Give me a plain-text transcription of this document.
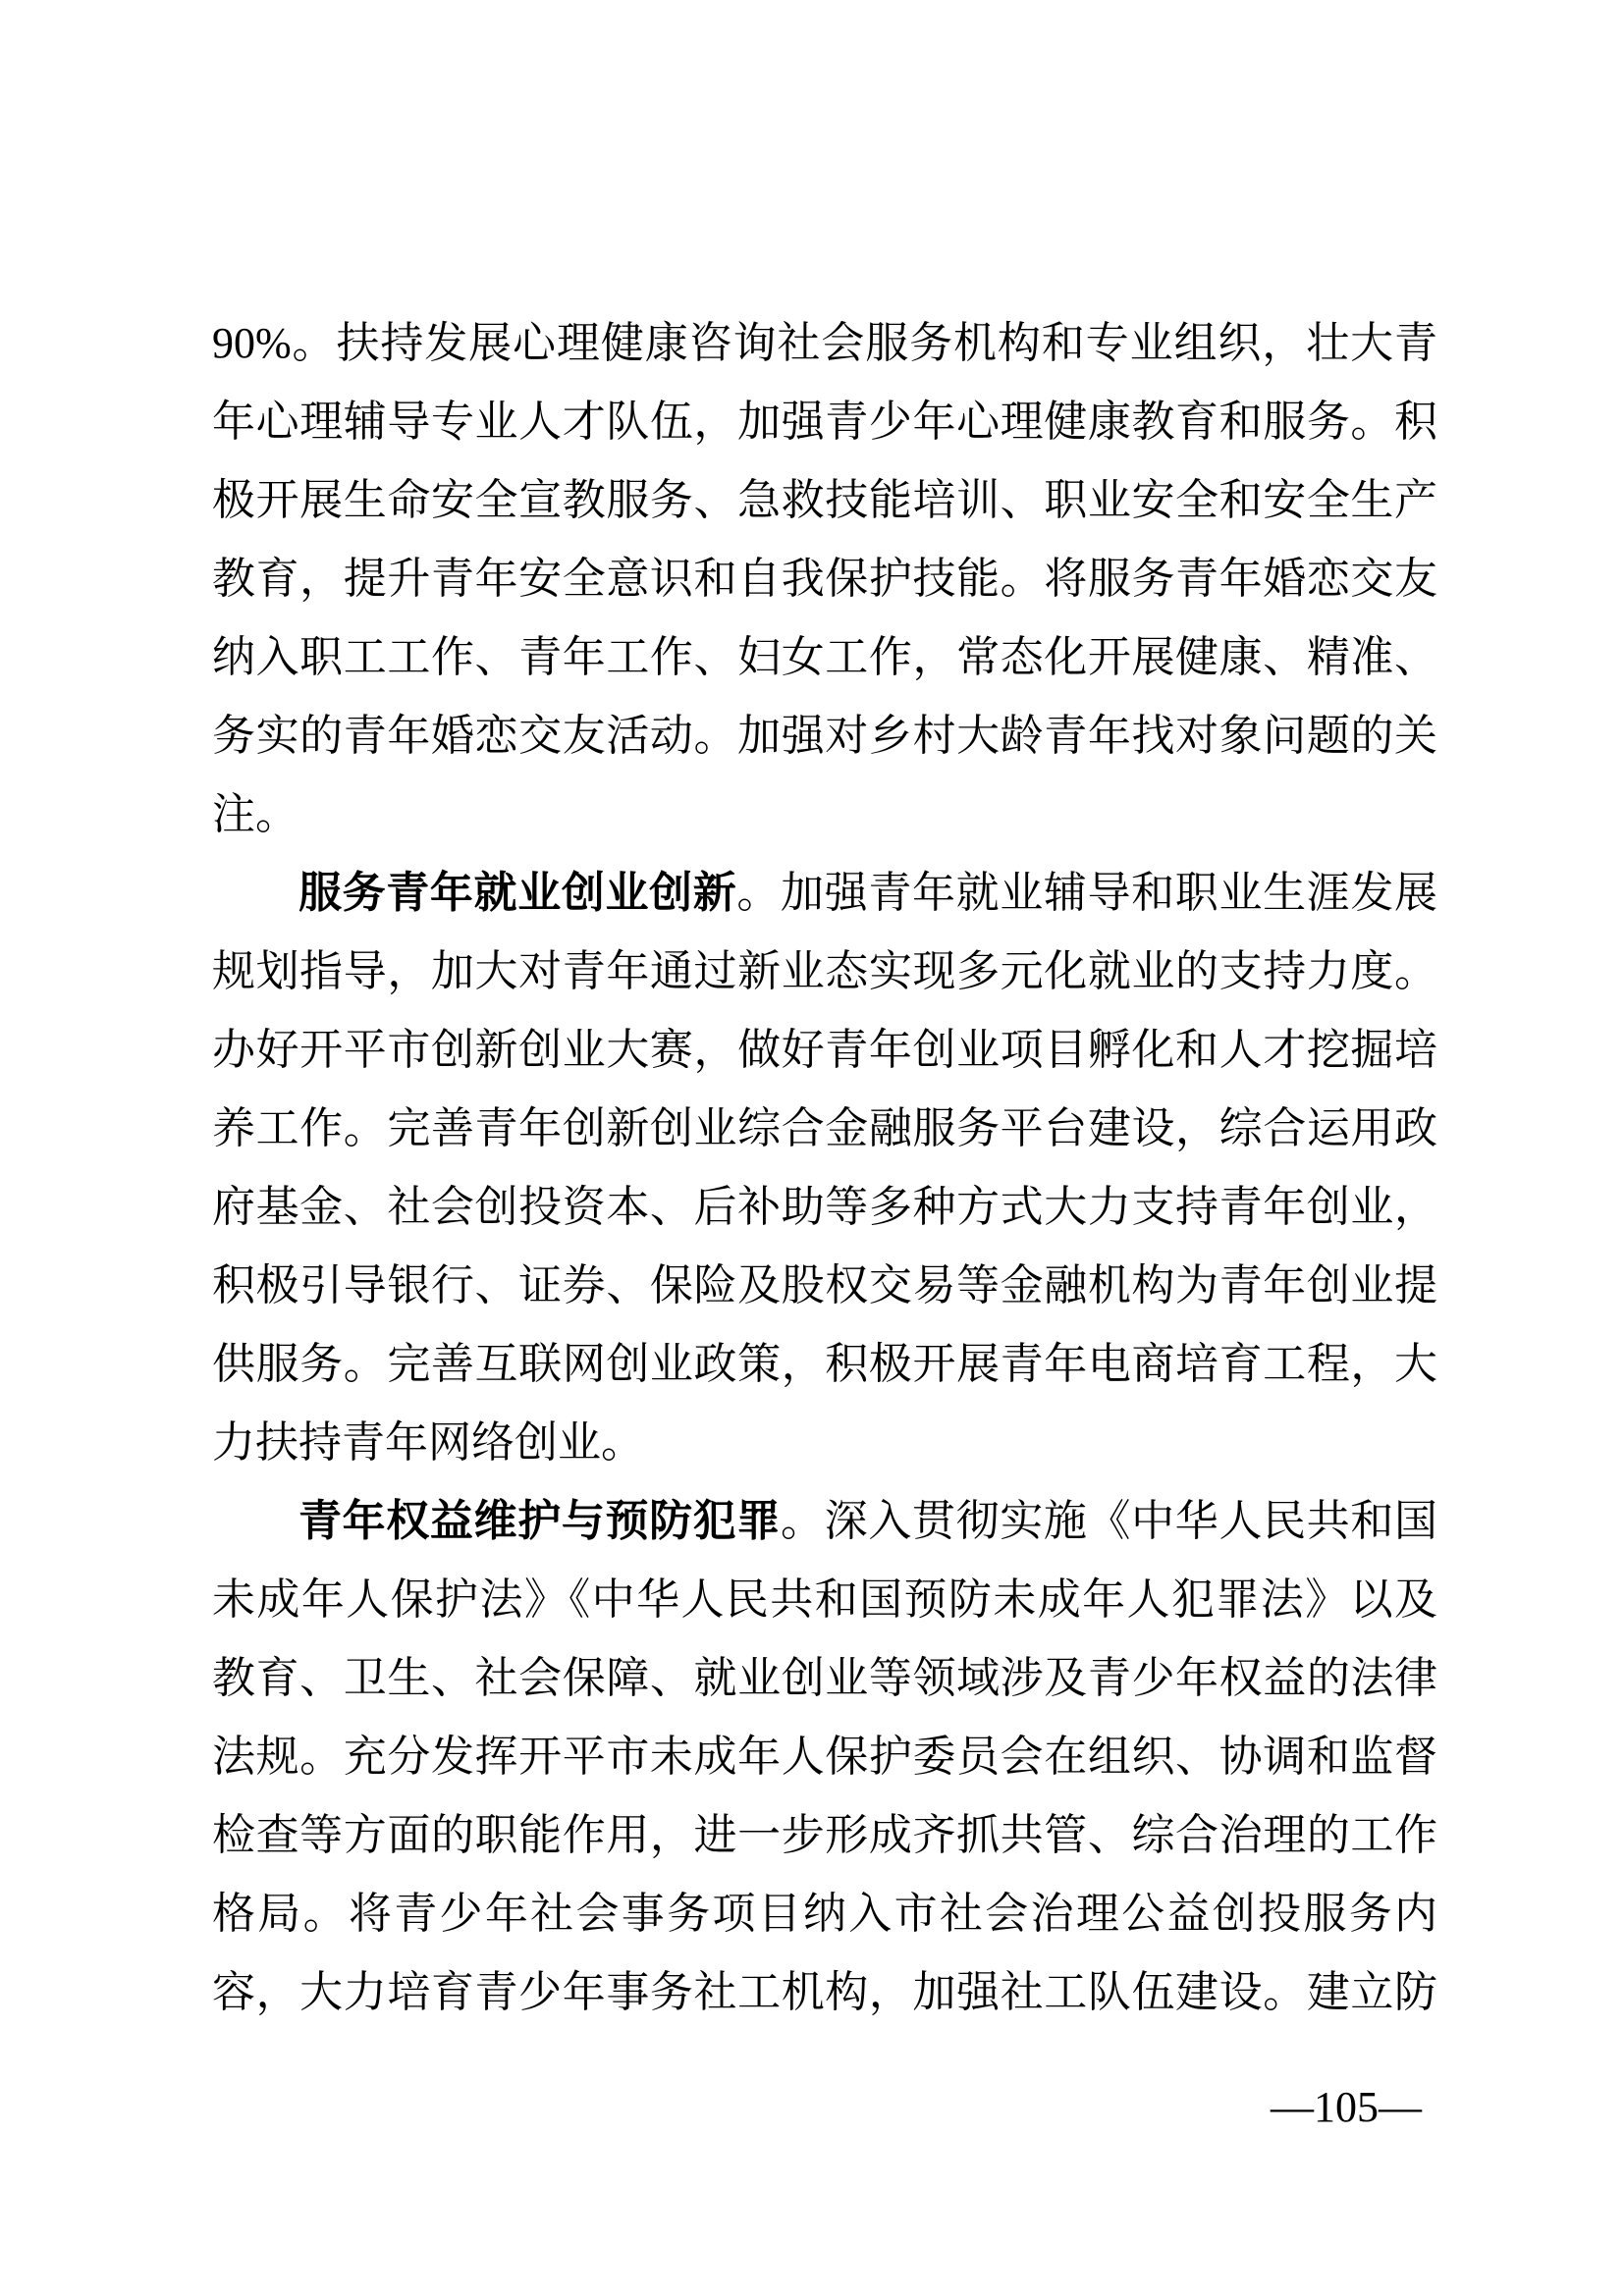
90%。扶持发展心理健康咨询社会服务机构和专业组织，壮大青
年心理辅导专业人才队伍，加强青少年心理健康教育和服务。积
极开展生命安全宣教服务、急救技能培训、职业安全和安全生产
教育，提升青年安全意识和自我保护技能。将服务青年婚恋交友
纳入职工工作、青年工作、妇女工作，常态化开展健康、精准、
务实的青年婚恋交友活动。加强对乡村大龄青年找对象问题的关
注。
服务青年就业创业创新。加强青年就业辅导和职业生涯发展
规划指导，加大对青年通过新业态实现多元化就业的支持力度。
办好开平市创新创业大赛，做好青年创业项目孵化和人才挖掘培
养工作。完善青年创新创业综合金融服务平台建设，综合运用政
府基金、社会创投资本、后补助等多种方式大力支持青年创业，
积极引导银行、证券、保险及股权交易等金融机构为青年创业提
供服务。完善互联网创业政策，积极开展青年电商培育工程，大
力扶持青年网络创业。
青年权益维护与预防犯罪。深入贯彻实施《中华人民共和国
未成年人保护法》《中华人民共和国预防未成年人犯罪法》以及
教育、卫生、社会保障、就业创业等领域涉及青少年权益的法律
法规。充分发挥开平市未成年人保护委员会在组织、协调和监督
检查等方面的职能作用，进一步形成齐抓共管、综合治理的工作
格局。将青少年社会事务项目纳入市社会治理公益创投服务内
容，大力培育青少年事务社工机构，加强社工队伍建设。建立防
—105—
